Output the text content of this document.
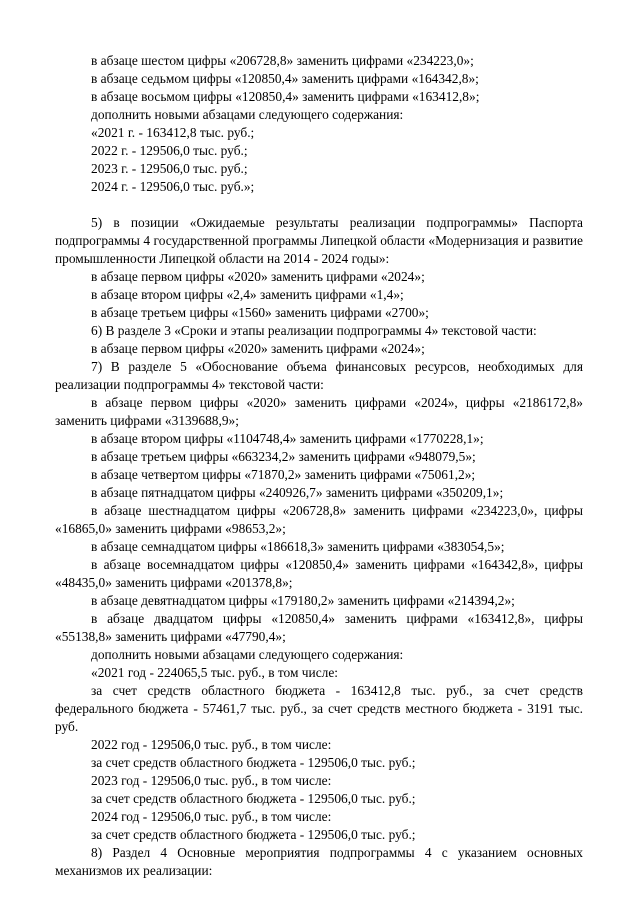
в абзаце шестом цифры «206728,8» заменить цифрами «234223,0»;

в абзаце седьмом цифры «120850,4» заменить цифрами «164342,8»;

в абзаце восьмом цифры «120850,4» заменить цифрами «163412,8»;

дополнить новыми абзацами следующего содержания:

«2021 г. - 163412,8 тыс. руб.;

2022 г. - 129506,0 тыс. руб.;

2023 г. - 129506,0 тыс. руб.;

2024 г. - 129506,0 тыс. руб.»;

5) в позиции «Ожидаемые результаты реализации подпрограммы» Паспорта подпрограммы 4 государственной программы Липецкой области «Модернизация и развитие промышленности Липецкой области на 2014 - 2024 годы»:

в абзаце первом цифры «2020» заменить цифрами «2024»;

в абзаце втором цифры «2,4» заменить цифрами «1,4»;

в абзаце третьем цифры «1560» заменить цифрами «2700»;

6) В разделе 3 «Сроки и этапы реализации подпрограммы 4» текстовой части:

в абзаце первом цифры «2020» заменить цифрами «2024»;

7) В разделе 5 «Обоснование объема финансовых ресурсов, необходимых для реализации подпрограммы 4» текстовой части:

в абзаце первом цифры «2020» заменить цифрами «2024», цифры «2186172,8» заменить цифрами «3139688,9»;

в абзаце втором цифры «1104748,4» заменить цифрами «1770228,1»;

в абзаце третьем цифры «663234,2» заменить цифрами «948079,5»;

в абзаце четвертом цифры «71870,2» заменить цифрами «75061,2»;

в абзаце пятнадцатом цифры «240926,7» заменить цифрами «350209,1»;

в абзаце шестнадцатом цифры «206728,8» заменить цифрами «234223,0», цифры «16865,0» заменить цифрами «98653,2»;

в абзаце семнадцатом цифры «186618,3» заменить цифрами «383054,5»;

в абзаце восемнадцатом цифры «120850,4» заменить цифрами «164342,8», цифры «48435,0» заменить цифрами «201378,8»;

в абзаце девятнадцатом цифры «179180,2» заменить цифрами «214394,2»;

в абзаце двадцатом цифры «120850,4» заменить цифрами «163412,8», цифры «55138,8» заменить цифрами «47790,4»;

дополнить новыми абзацами следующего содержания:

«2021 год - 224065,5 тыс. руб., в том числе:

за счет средств областного бюджета - 163412,8 тыс. руб., за счет средств федерального бюджета - 57461,7 тыс. руб., за счет средств местного бюджета - 3191 тыс. руб.

2022 год - 129506,0 тыс. руб., в том числе:

за счет средств областного бюджета - 129506,0 тыс. руб.;

2023 год - 129506,0 тыс. руб., в том числе:

за счет средств областного бюджета - 129506,0 тыс. руб.;

2024 год - 129506,0 тыс. руб., в том числе:

за счет средств областного бюджета - 129506,0 тыс. руб.;

8) Раздел 4 Основные мероприятия подпрограммы 4 с указанием основных механизмов их реализации:
